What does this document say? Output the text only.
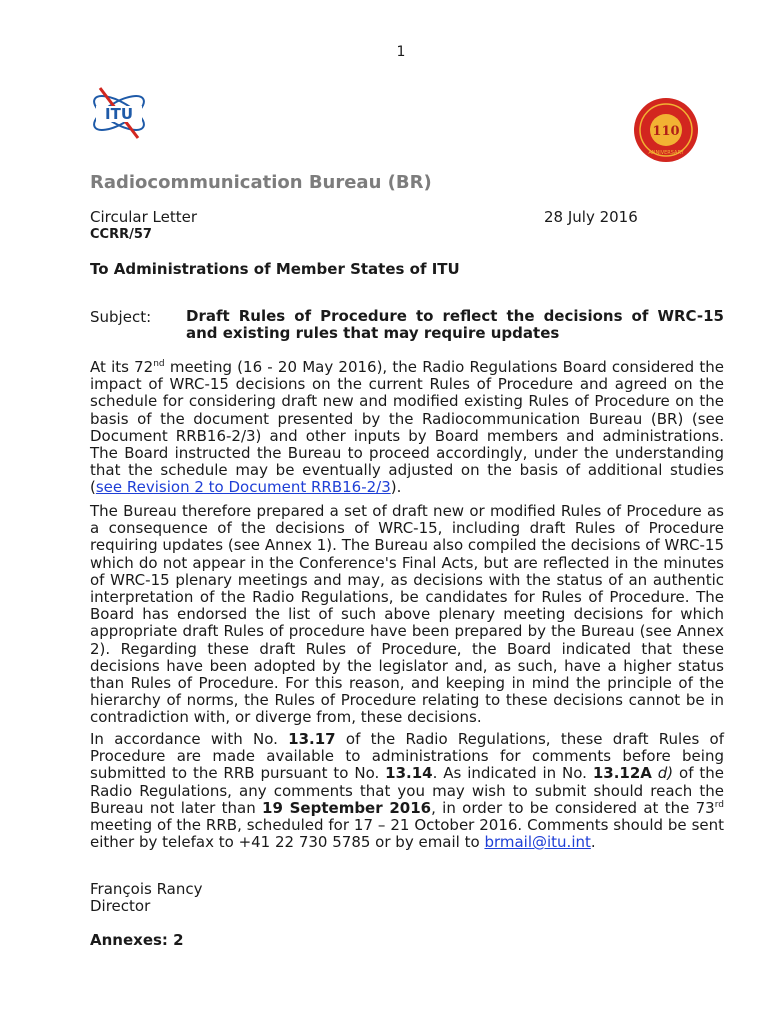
1
ITU
110
ANNIVERSARY
Radiocommunication Bureau (BR)
Circular Letter	28 July 2016
CCRR/57
To Administrations of Member States of ITU
Subject: Draft Rules of Procedure to reflect the decisions of WRC-15 and existing rules that may require updates
At its 72nd meeting (16 - 20 May 2016), the Radio Regulations Board considered the impact of WRC-15 decisions on the current Rules of Procedure and agreed on the schedule for considering draft new and modified existing Rules of Procedure on the basis of the document presented by the Radiocommunication Bureau (BR) (see Document RRB16-2/3) and other inputs by Board members and administrations. The Board instructed the Bureau to proceed accordingly, under the understanding that the schedule may be eventually adjusted on the basis of additional studies (see Revision 2 to Document RRB16-2/3).
The Bureau therefore prepared a set of draft new or modified Rules of Procedure as a consequence of the decisions of WRC-15, including draft Rules of Procedure requiring updates (see Annex 1). The Bureau also compiled the decisions of WRC-15 which do not appear in the Conference's Final Acts, but are reflected in the minutes of WRC-15 plenary meetings and may, as decisions with the status of an authentic interpretation of the Radio Regulations, be candidates for Rules of Procedure. The Board has endorsed the list of such above plenary meeting decisions for which appropriate draft Rules of procedure have been prepared by the Bureau (see Annex 2). Regarding these draft Rules of Procedure, the Board indicated that these decisions have been adopted by the legislator and, as such, have a higher status than Rules of Procedure. For this reason, and keeping in mind the principle of the hierarchy of norms, the Rules of Procedure relating to these decisions cannot be in contradiction with, or diverge from, these decisions.
In accordance with No. 13.17 of the Radio Regulations, these draft Rules of Procedure are made available to administrations for comments before being submitted to the RRB pursuant to No. 13.14. As indicated in No. 13.12A d) of the Radio Regulations, any comments that you may wish to submit should reach the Bureau not later than 19 September 2016, in order to be considered at the 73rd meeting of the RRB, scheduled for 17 – 21 October 2016. Comments should be sent either by telefax to +41 22 730 5785 or by email to brmail@itu.int.
François Rancy
Director
Annexes: 2
